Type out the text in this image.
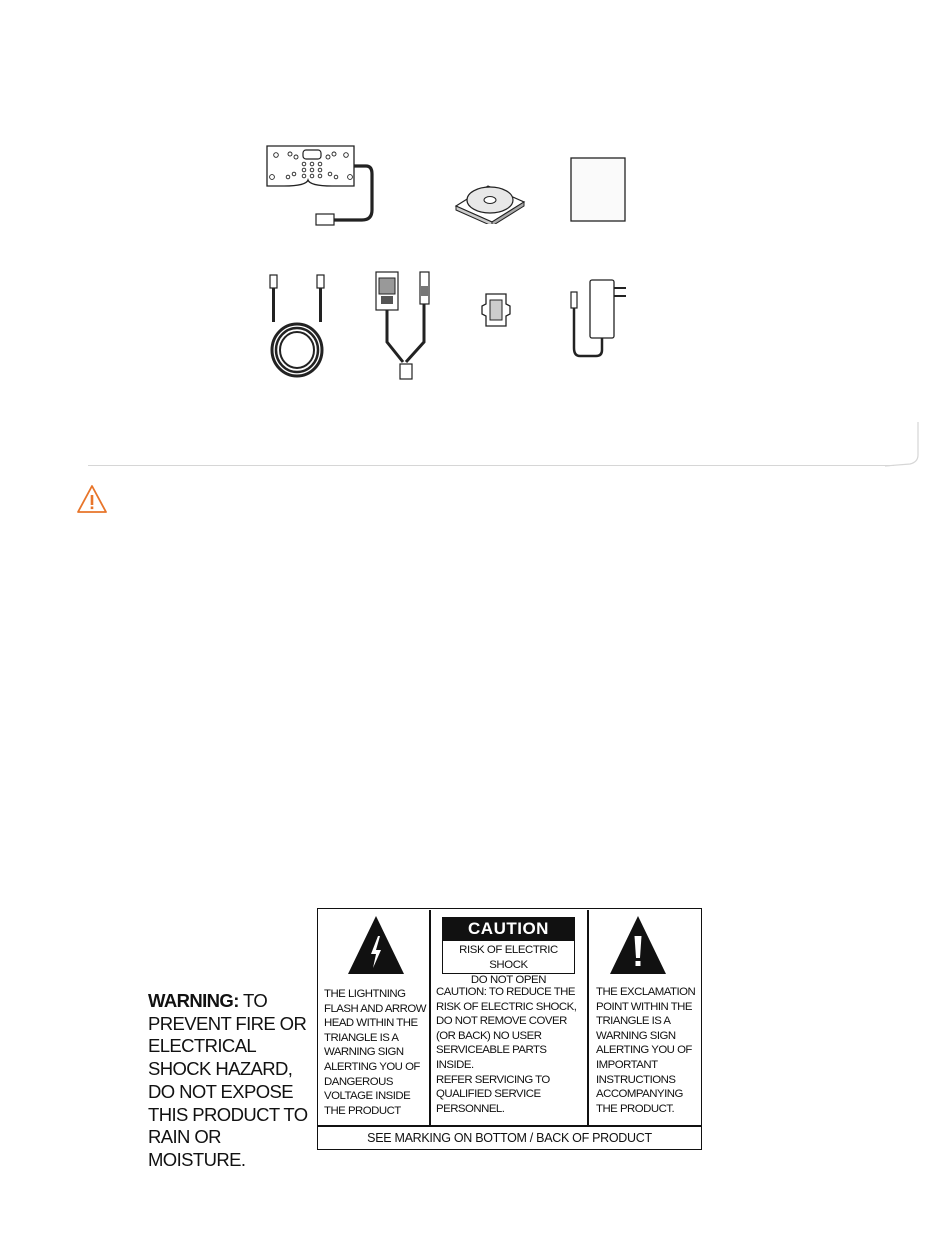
WARNING: TO PREVENT FIRE OR ELECTRICAL SHOCK HAZARD, DO NOT EXPOSE THIS PRODUCT TO RAIN OR MOISTURE.
THE LIGHTNING
FLASH AND ARROW
HEAD WITHIN THE
TRIANGLE IS A
WARNING SIGN
ALERTING YOU OF
DANGEROUS
VOLTAGE INSIDE
THE PRODUCT
CAUTION
RISK OF ELECTRIC SHOCK
DO NOT OPEN
CAUTION: TO REDUCE THE
RISK OF ELECTRIC SHOCK,
DO NOT REMOVE COVER
(OR BACK) NO USER
SERVICEABLE PARTS INSIDE.
REFER SERVICING TO
QUALIFIED SERVICE
PERSONNEL.
THE EXCLAMATION
POINT WITHIN THE
TRIANGLE IS A
WARNING SIGN
ALERTING YOU OF
IMPORTANT
INSTRUCTIONS
ACCOMPANYING
THE PRODUCT.
SEE MARKING ON BOTTOM / BACK OF PRODUCT
